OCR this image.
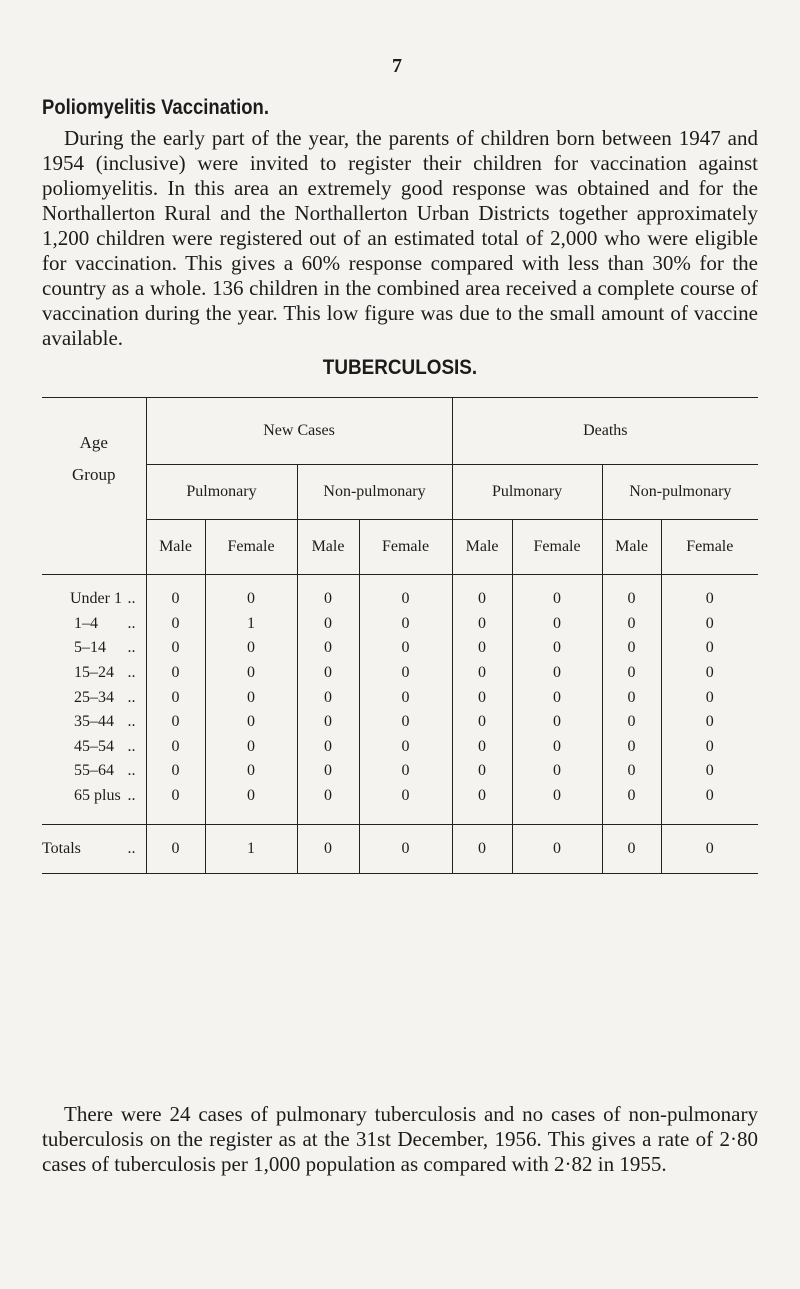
7
Poliomyelitis Vaccination.

During the early part of the year, the parents of children born between 1947 and 1954 (inclusive) were invited to register their children for vaccination against poliomyelitis. In this area an extremely good response was obtained and for the Northallerton Rural and the Northallerton Urban Districts together approximately 1,200 children were registered out of an estimated total of 2,000 who were eligible for vaccination. This gives a 60% response compared with less than 30% for the country as a whole. 136 children in the combined area received a complete course of vaccination during the year. This low figure was due to the small amount of vaccine available.

TUBERCULOSIS.
Age
Group	New Cases				Deaths			
	Pulmonary		Non-pulmonary		Pulmonary		Non-pulmonary	
	Male	Female	Male	Female	Male	Female	Male	Female

Under 1 ..	0	0	0	0	0	0	0	0
1–4 ..	0	1	0	0	0	0	0	0
5–14 ..	0	0	0	0	0	0	0	0
15–24 ..	0	0	0	0	0	0	0	0
25–34 ..	0	0	0	0	0	0	0	0
35–44 ..	0	0	0	0	0	0	0	0
45–54 ..	0	0	0	0	0	0	0	0
55–64 ..	0	0	0	0	0	0	0	0
65 plus ..	0	0	0	0	0	0	0	0

Totals ..	0	1	0	0	0	0	0	0

There were 24 cases of pulmonary tuberculosis and no cases of non-pulmonary tuberculosis on the register as at the 31st December, 1956. This gives a rate of 2·80 cases of tuberculosis per 1,000 population as compared with 2·82 in 1955.
